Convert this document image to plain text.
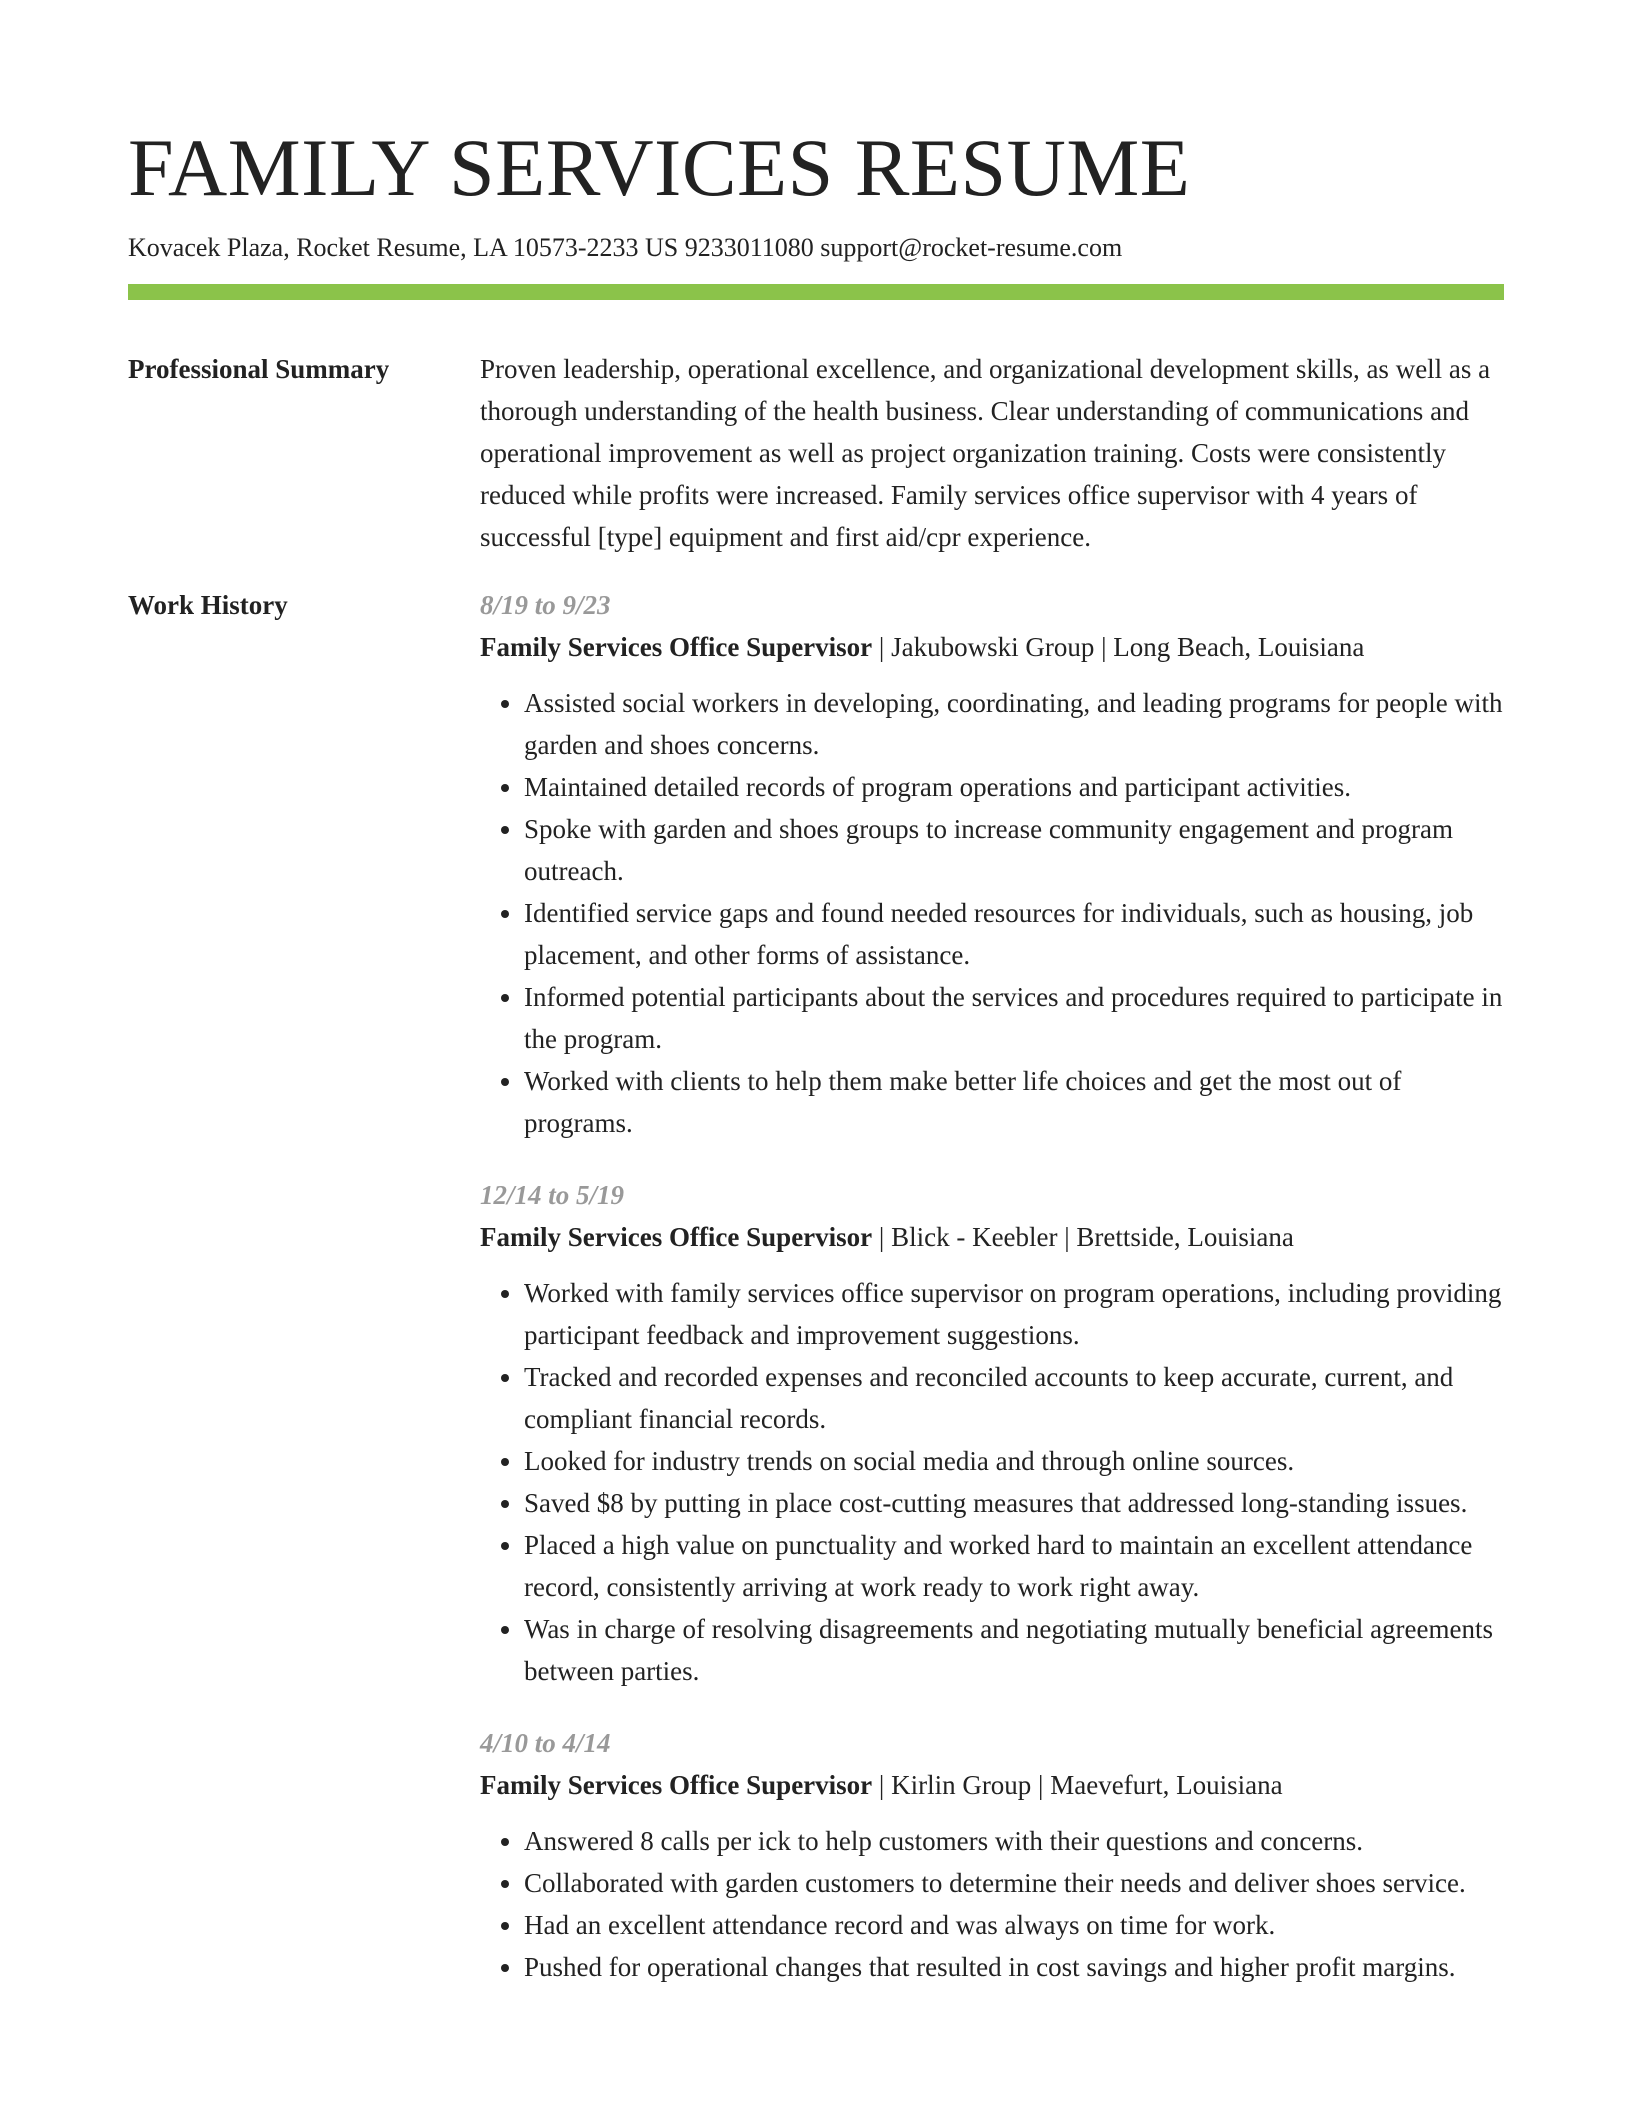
FAMILY SERVICES RESUME
Kovacek Plaza, Rocket Resume, LA 10573-2233 US 9233011080 support@rocket-resume.com
Professional Summary	Proven leadership, operational excellence, and organizational development skills, as well as a thorough understanding of the health business. Clear understanding of communications and operational improvement as well as project organization training. Costs were consistently reduced while profits were increased. Family services office supervisor with 4 years of successful [type] equipment and first aid/cpr experience.
Work History	8/19 to 9/23
Family Services Office Supervisor | Jakubowski Group | Long Beach, Louisiana
• Assisted social workers in developing, coordinating, and leading programs for people with garden and shoes concerns.
• Maintained detailed records of program operations and participant activities.
• Spoke with garden and shoes groups to increase community engagement and program outreach.
• Identified service gaps and found needed resources for individuals, such as housing, job placement, and other forms of assistance.
• Informed potential participants about the services and procedures required to participate in the program.
• Worked with clients to help them make better life choices and get the most out of programs.
12/14 to 5/19
Family Services Office Supervisor | Blick - Keebler | Brettside, Louisiana
• Worked with family services office supervisor on program operations, including providing participant feedback and improvement suggestions.
• Tracked and recorded expenses and reconciled accounts to keep accurate, current, and compliant financial records.
• Looked for industry trends on social media and through online sources.
• Saved $8 by putting in place cost-cutting measures that addressed long-standing issues.
• Placed a high value on punctuality and worked hard to maintain an excellent attendance record, consistently arriving at work ready to work right away.
• Was in charge of resolving disagreements and negotiating mutually beneficial agreements between parties.
4/10 to 4/14
Family Services Office Supervisor | Kirlin Group | Maevefurt, Louisiana
• Answered 8 calls per ick to help customers with their questions and concerns.
• Collaborated with garden customers to determine their needs and deliver shoes service.
• Had an excellent attendance record and was always on time for work.
• Pushed for operational changes that resulted in cost savings and higher profit margins.
